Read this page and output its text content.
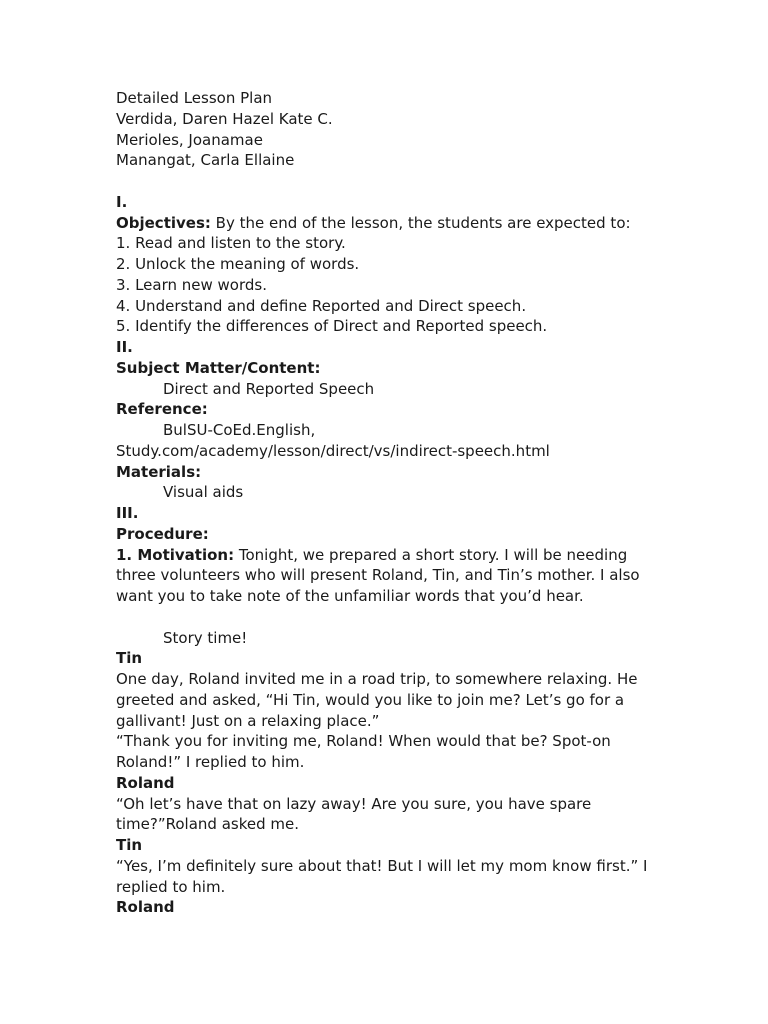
Detailed Lesson Plan
Verdida, Daren Hazel Kate C.
Merioles, Joanamae
Manangat, Carla Ellaine
I.
Objectives: By the end of the lesson, the students are expected to:
1. Read and listen to the story.
2. Unlock the meaning of words.
3. Learn new words.
4. Understand and define Reported and Direct speech.
5. Identify the differences of Direct and Reported speech.
II.
Subject Matter/Content:
Direct and Reported Speech
Reference:
BulSU-CoEd.English,
Study.com/academy/lesson/direct/vs/indirect-speech.html
Materials:
Visual aids
III.
Procedure:
1. Motivation: Tonight, we prepared a short story. I will be needing
three volunteers who will present Roland, Tin, and Tin’s mother. I also
want you to take note of the unfamiliar words that you’d hear.
Story time!
Tin
One day, Roland invited me in a road trip, to somewhere relaxing. He
greeted and asked, “Hi Tin, would you like to join me? Let’s go for a
gallivant! Just on a relaxing place.”
“Thank you for inviting me, Roland! When would that be? Spot-on
Roland!” I replied to him.
Roland
“Oh let’s have that on lazy away! Are you sure, you have spare
time?”Roland asked me.
Tin
“Yes, I’m definitely sure about that! But I will let my mom know first.” I
replied to him.
Roland
